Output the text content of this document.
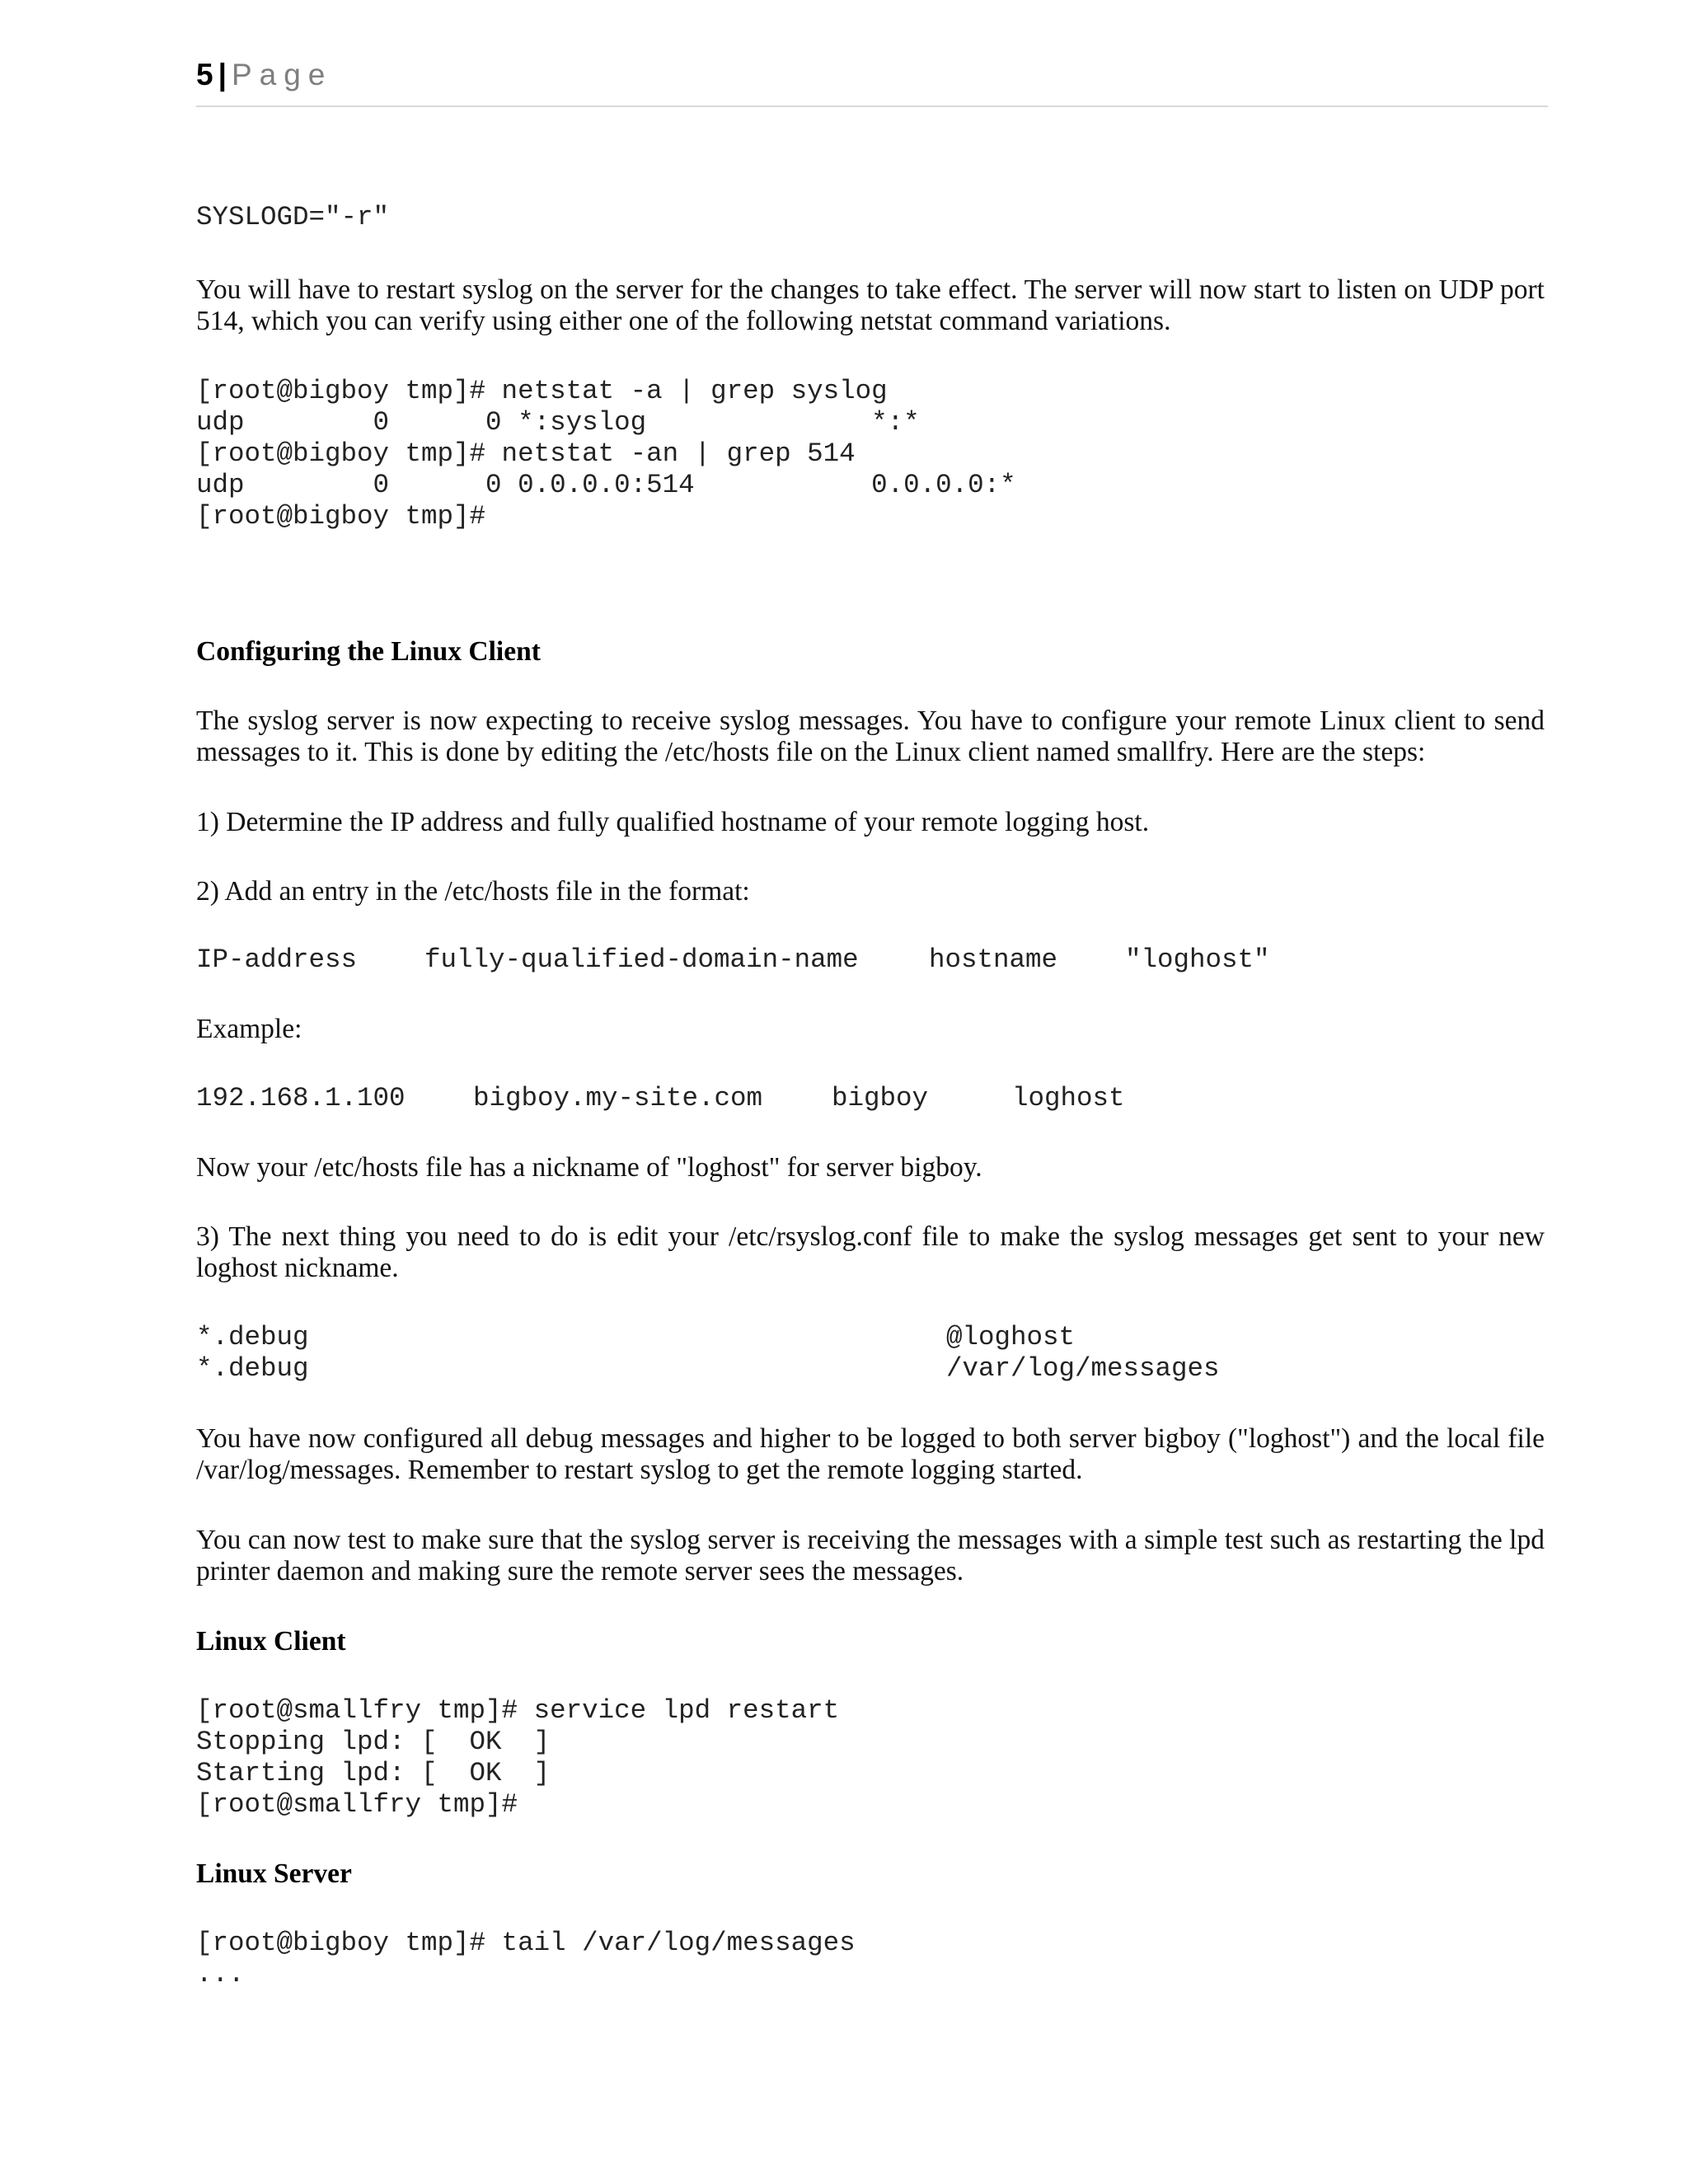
5 | Page
SYSLOGD="-r"

You will have to restart syslog on the server for the changes to take effect. The server will now start to listen on UDP port 514, which you can verify using either one of the following netstat command variations.

[root@bigboy tmp]# netstat -a | grep syslog
udp        0      0 *:syslog              *:*
[root@bigboy tmp]# netstat -an | grep 514
udp        0      0 0.0.0.0:514           0.0.0.0:*
[root@bigboy tmp]#
Configuring the Linux Client

The syslog server is now expecting to receive syslog messages. You have to configure your remote Linux client to send messages to it. This is done by editing the /etc/hosts file on the Linux client named smallfry. Here are the steps:

1) Determine the IP address and fully qualified hostname of your remote logging host.

2) Add an entry in the /etc/hosts file in the format:

IP-address	fully-qualified-domain-name	hostname	"loghost"

Example:

192.168.1.100	bigboy.my-site.com	bigboy	loghost

Now your /etc/hosts file has a nickname of "loghost" for server bigboy.

3) The next thing you need to do is edit your /etc/rsyslog.conf file to make the syslog messages get sent to your new loghost nickname.

*.debug	@loghost
*.debug	/var/log/messages

You have now configured all debug messages and higher to be logged to both server bigboy ("loghost") and the local file /var/log/messages. Remember to restart syslog to get the remote logging started.

You can now test to make sure that the syslog server is receiving the messages with a simple test such as restarting the lpd printer daemon and making sure the remote server sees the messages.

Linux Client
[root@smallfry tmp]# service lpd restart
Stopping lpd: [  OK  ]
Starting lpd: [  OK  ]
[root@smallfry tmp]#
Linux Server
[root@bigboy tmp]# tail /var/log/messages
...
